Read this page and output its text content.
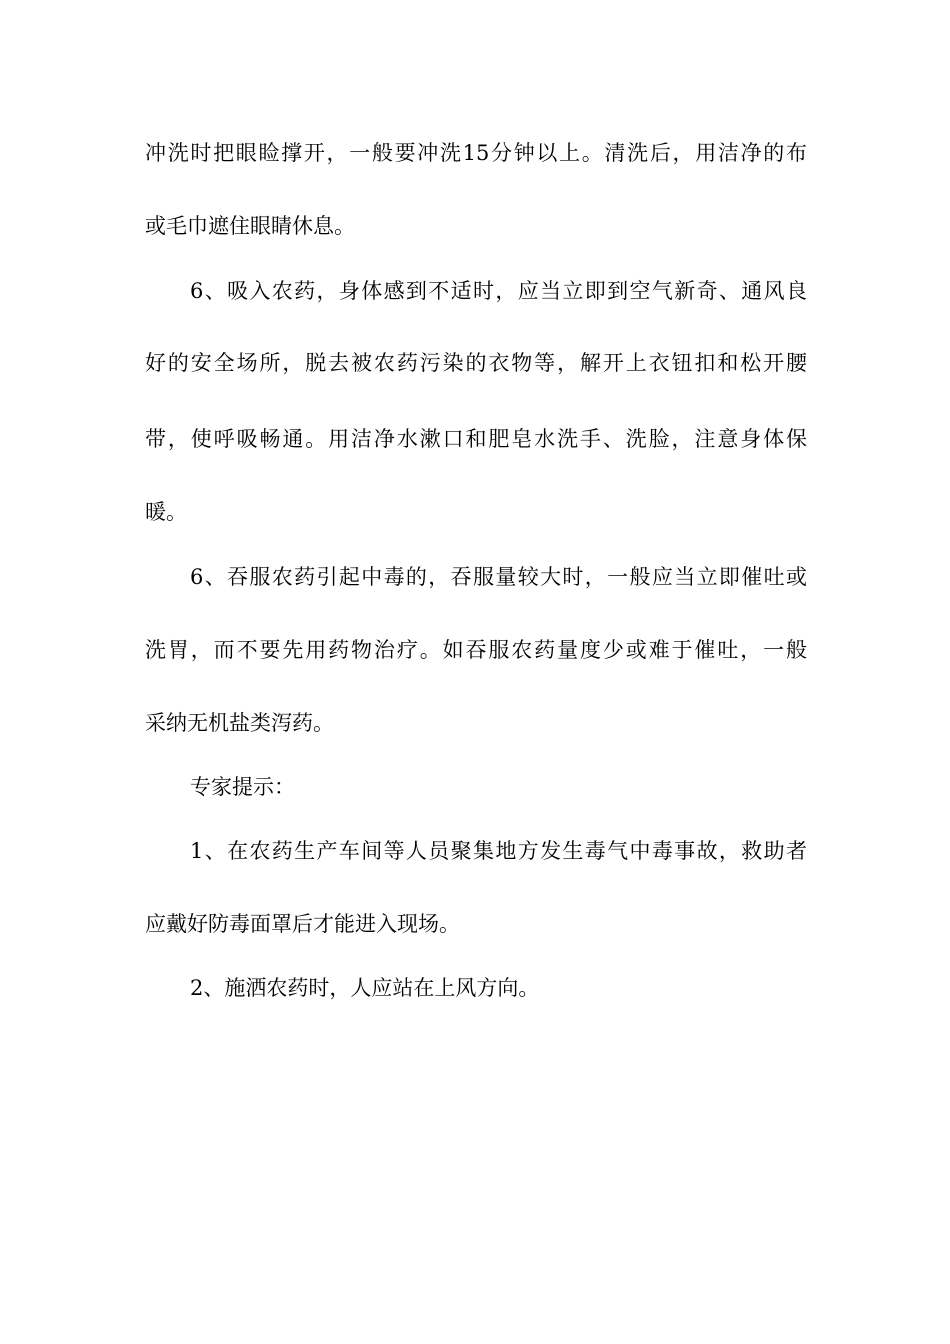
冲洗时把眼睑撑开，一般要冲洗15分钟以上。清洗后，用洁净的布
或毛巾遮住眼睛休息。
6、吸入农药，身体感到不适时，应当立即到空气新奇、通风良
好的安全场所，脱去被农药污染的衣物等，解开上衣钮扣和松开腰
带，使呼吸畅通。用洁净水漱口和肥皂水洗手、洗脸，注意身体保
暖。
6、吞服农药引起中毒的，吞服量较大时，一般应当立即催吐或
洗胃，而不要先用药物治疗。如吞服农药量度少或难于催吐，一般
采纳无机盐类泻药。
专家提示：
1、在农药生产车间等人员聚集地方发生毒气中毒事故，救助者
应戴好防毒面罩后才能进入现场。
2、施洒农药时，人应站在上风方向。
